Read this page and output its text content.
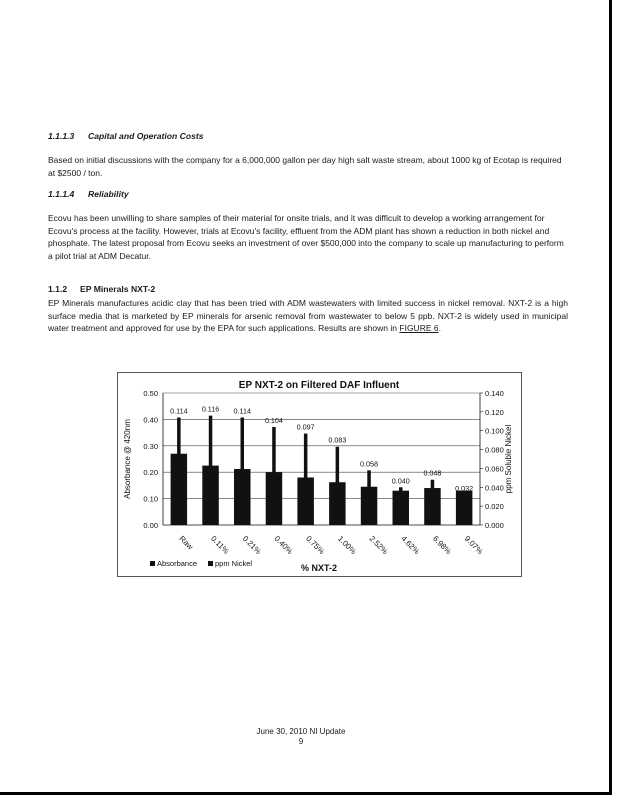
1.1.1.3 Capital and Operation Costs
Based on initial discussions with the company for a 6,000,000 gallon per day high salt waste stream, about 1000 kg of Ecotap is required at $2500 / ton.
1.1.1.4 Reliability
Ecovu has been unwilling to share samples of their material for onsite trials, and it was difficult to develop a working arrangement for Ecovu's process at the facility. However, trials at Ecovu's facility, effluent from the ADM plant has shown a reduction in both nickel and phosphate. The latest proposal from Ecovu seeks an investment of over $500,000 into the company to scale up manufacturing to perform a pilot trial at ADM Decatur.
1.1.2 EP Minerals NXT-2
EP Minerals manufactures acidic clay that has been tried with ADM wastewaters with limited success in nickel removal. NXT-2 is a high surface media that is marketed by EP minerals for arsenic removal from wastewater to below 5 ppb. NXT-2 is widely used in municipal water treatment and approved for use by the EPA for such applications. Results are shown in FIGURE 6.
EP NXT-2 on Filtered DAF Influent
0.00
0.10
0.20
0.30
0.40
0.50
0.000
0.020
0.040
0.060
0.080
0.100
0.120
0.140
0.114
Raw
0.116
0.11%
0.114
0.21%
0.104
0.40%
0.097
0.75%
0.083
1.00%
0.058
2.52%
0.040
4.62%
0.048
6.98%
0.032
9.07%
Absorbance @ 420nm	ppm Soluble Nickel
% NXT-2
Absorbance ppm Nickel
June 30, 2010 NI Update
9
